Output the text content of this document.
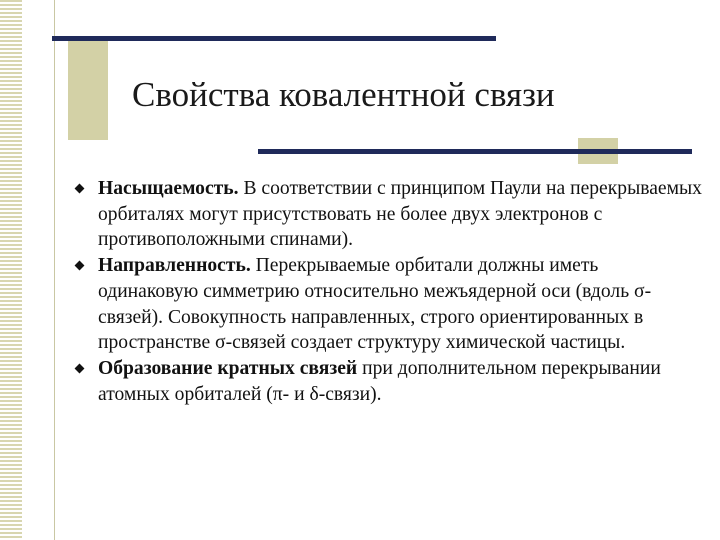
Свойства ковалентной связи
Насыщаемость. В соответствии с принципом Паули на перекрываемых орбиталях могут присутствовать не более двух электронов с противоположными спинами).
Направленность. Перекрываемые орбитали должны иметь одинаковую симметрию относительно межъядерной оси (вдоль σ-связей). Совокупность направленных, строго ориентированных в пространстве σ-связей создает структуру химической частицы.
Образование кратных связей при дополнительном перекрывании атомных орбиталей (π- и δ-связи).
